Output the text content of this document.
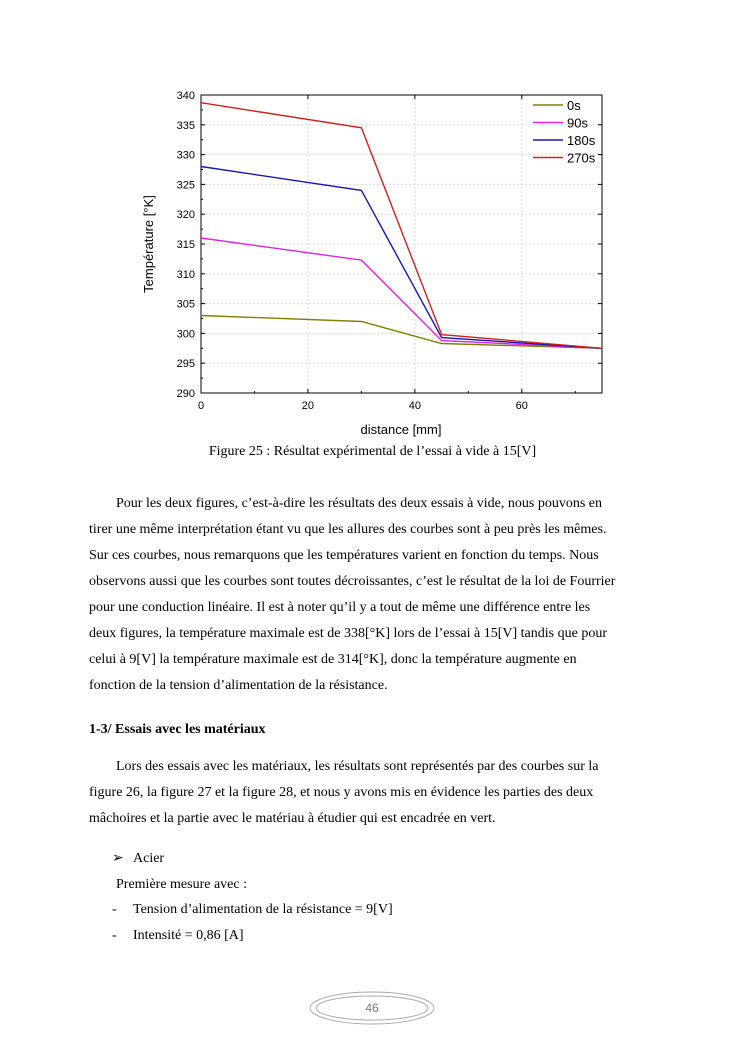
290
295
300
305
310
315
320
325
330
335
340
0	20	40	60
0s
90s
180s
270s
distance [mm]
Température [°K]
Figure 25 : Résultat expérimental de l’essai à vide à 15[V]
Pour les deux figures, c’est-à-dire les résultats des deux essais à vide, nous pouvons en
tirer une même interprétation étant vu que les allures des courbes sont à peu près les mêmes.
Sur ces courbes, nous remarquons que les températures varient en fonction du temps. Nous
observons aussi que les courbes sont toutes décroissantes, c’est le résultat de la loi de Fourrier
pour une conduction linéaire. Il est à noter qu’il y a tout de même une différence entre les
deux figures, la température maximale est de 338[°K] lors de l’essai à 15[V] tandis que pour
celui à 9[V] la température maximale est de 314[°K], donc la température augmente en
fonction de la tension d’alimentation de la résistance.
1-3/ Essais avec les matériaux
Lors des essais avec les matériaux, les résultats sont représentés par des courbes sur la
figure 26, la figure 27 et la figure 28, et nous y avons mis en évidence les parties des deux
mâchoires et la partie avec le matériau à étudier qui est encadrée en vert.
➢ Acier
Première mesure avec :
- Tension d’alimentation de la résistance = 9[V]
- Intensité = 0,86 [A]
46
